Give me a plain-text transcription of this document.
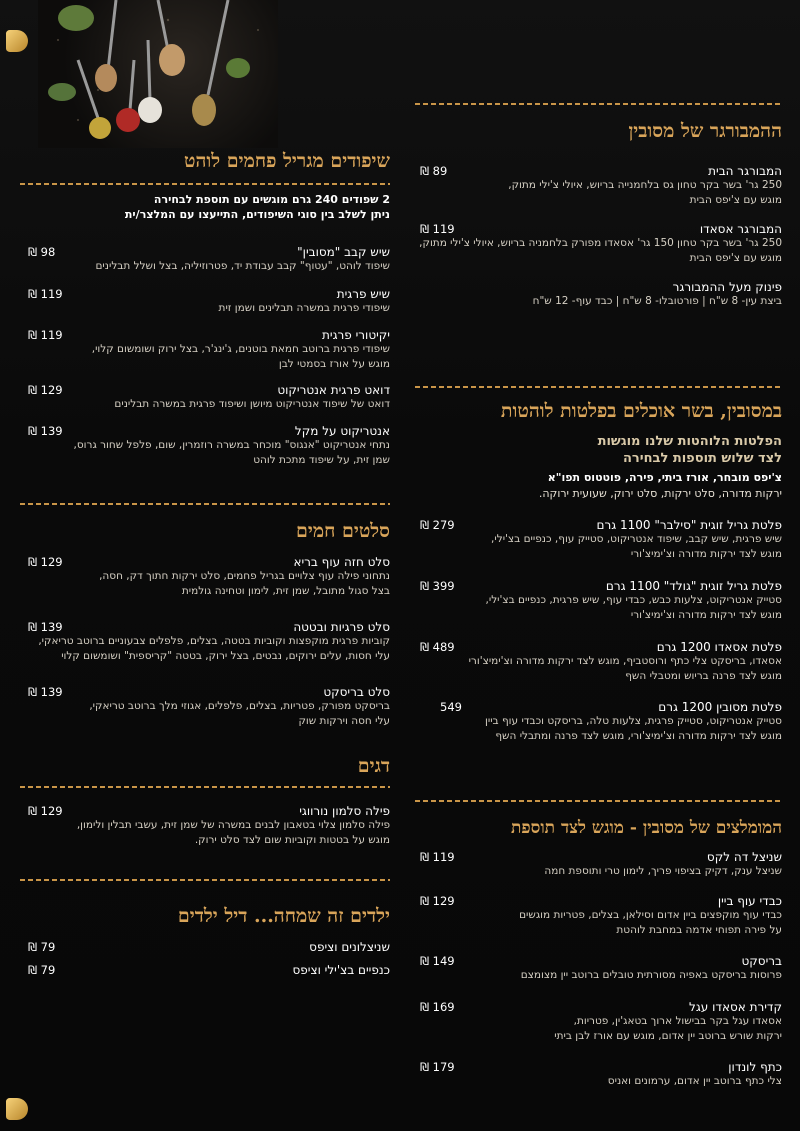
שיפודים מגריל פחמים לוהט
2 שפודים 240 גרם מוגשים עם תוספת לבחירה
ניתן לשלב בין סוגי השיפודים, התייעצו עם המלצר/ית
שיש קבב "מסובין"
שיפוד לוהט, "עטוף" קבב עבודת יד, פטרוזיליה, בצל ושלל תבלינים
₪ 98
שיש פרגית
שיפודי פרגית במשרה תבלינים ושמן זית
₪ 119
יקיטורי פרגית
שיפודי פרגית ברוטב חמאת בוטנים, ג'ינג'ר, בצל ירוק ושומשום קלוי,
מוגש על אורז בסמטי לבן
₪ 119
דואט פרגית אנטריקוט
דואט של שיפוד אנטריקוט מיושן ושיפוד פרגית במשרה תבלינים
₪ 129
אנטריקוט על מקל
נתחי אנטריקוט "אנגוס" מוכחר במשרה רוזמרין, שום, פלפל שחור גרוס,
שמן זית, על שיפוד מתכת לוהט
₪ 139
סלטים חמים
סלט חזה עוף בריא
נתחוני פילה עוף צלויים בגריל פחמים, סלט ירקות חתוך דק, חסה,
בצל סגול מתובל, שמן זית, לימון וטחינה גולמית
₪ 129
סלט פרגיות ובטטה
קוביות פרגית מוקפצות וקוביות בטטה, בצלים, פלפלים צבעוניים ברוטב טריאקי,
עלי חסות, עלים ירוקים, נבטים, בצל ירוק, בטטה "קריספית" ושומשום קלוי
₪ 139
סלט בריסקט
בריסקט מפורק, פטריות, בצלים, פלפלים, אגוזי מלך ברוטב טריאקי,
עלי חסה וירקות שוק
₪ 139
דגים
פילה סלמון נורווגי
פילה סלמון צלוי בטאבון לבנים במשרה של שמן זית, עשבי תבלין ולימון,
מוגש על בטטות וקוביות שום לצד סלט ירוק.
₪ 129
ילדים זה שמחה... דיל ילדים
שניצלונים וציפס
₪ 79
כנפיים בצ'ילי וציפס
₪ 79
ההמבורגר של מסובין
המבורגר הבית
250 גר' בשר בקר טחון גס בלחמנייה בריוש, איולי צ'ילי מתוק,
מוגש עם צ'יפס הבית
₪ 89
המבורגר אסאדו
250 גר' בשר בקר טחון 150 גר' אסאדו מפורק בלחמניה בריוש, איולי צ'ילי מתוק,
מוגש עם צ'יפס הבית
₪ 119
פינוק מעל ההמבורגר
ביצת עין- 8 ש"ח | פורטובלו- 8 ש"ח | כבד עוף- 12 ש"ח
במסובין, בשר אוכלים בפלטות לוהטות
הפלטות הלוהטות שלנו מוגשות
לצד שלוש תוספות לבחירה
צ'יפס מובחר, אורז ביתי, פירה, פוטטוס תפו"א
ירקות מדורה, סלט ירקות, סלט ירוק, שעועית ירוקה.
פלטת גריל זוגית "סילבר" 1100 גרם
שיש פרגית, שיש קבב, שיפוד אנטריקוט, סטייק עוף, כנפיים בצ'ילי,
מוגש לצד ירקות מדורה וצ'ימיצ'ורי
₪ 279
פלטת גריל זוגית "גולד" 1100 גרם
סטייק אנטריקוט, צלעות כבש, כבדי עוף, שיש פרגית, כנפיים בצ'ילי,
מוגש לצד ירקות מדורה וצ'ימיצ'ורי
₪ 399
פלטת אסאדו 1200 גרם
אסאדו, בריסקט צלי כתף ורוסטביף, מוגש לצד ירקות מדורה וצ'ימיצ'ורי
מוגש לצד פרנה בריוש ומטבלי השף
₪ 489
פלטת מסובין 1200 גרם
סטייק אנטריקוט, סטייק פרגית, צלעות טלה, בריסקט וכבדי עוף ביין
מוגש לצד ירקות מדורה וצ'ימיצ'ורי, מוגש לצד פרנה ומתבלי השף
549
המומלצים של מסובין - מוגש לצד תוספת
שניצל דה לקס
שניצל ענק, דקיק בציפוי פריך, לימון טרי ותוספת חמה
₪ 119
כבדי עוף ביין
כבדי עוף מוקפצים ביין אדום וסילאן, בצלים, פטריות מוגשים
על פירה תפוחי אדמה במחבת לוהטת
₪ 129
בריסקט
פרוסות בריסקט באפיה מסורתית טובלים ברוטב יין מצומצם
₪ 149
קדירת אסאדו עגל
אסאדו עגל בקר בבישול ארוך בטאג'ין, פטריות,
ירקות שורש ברוטב יין אדום, מוגש עם אורז לבן ביתי
₪ 169
כתף לונדון
צלי כתף ברוטב יין אדום, ערמונים ואניס
₪ 179
